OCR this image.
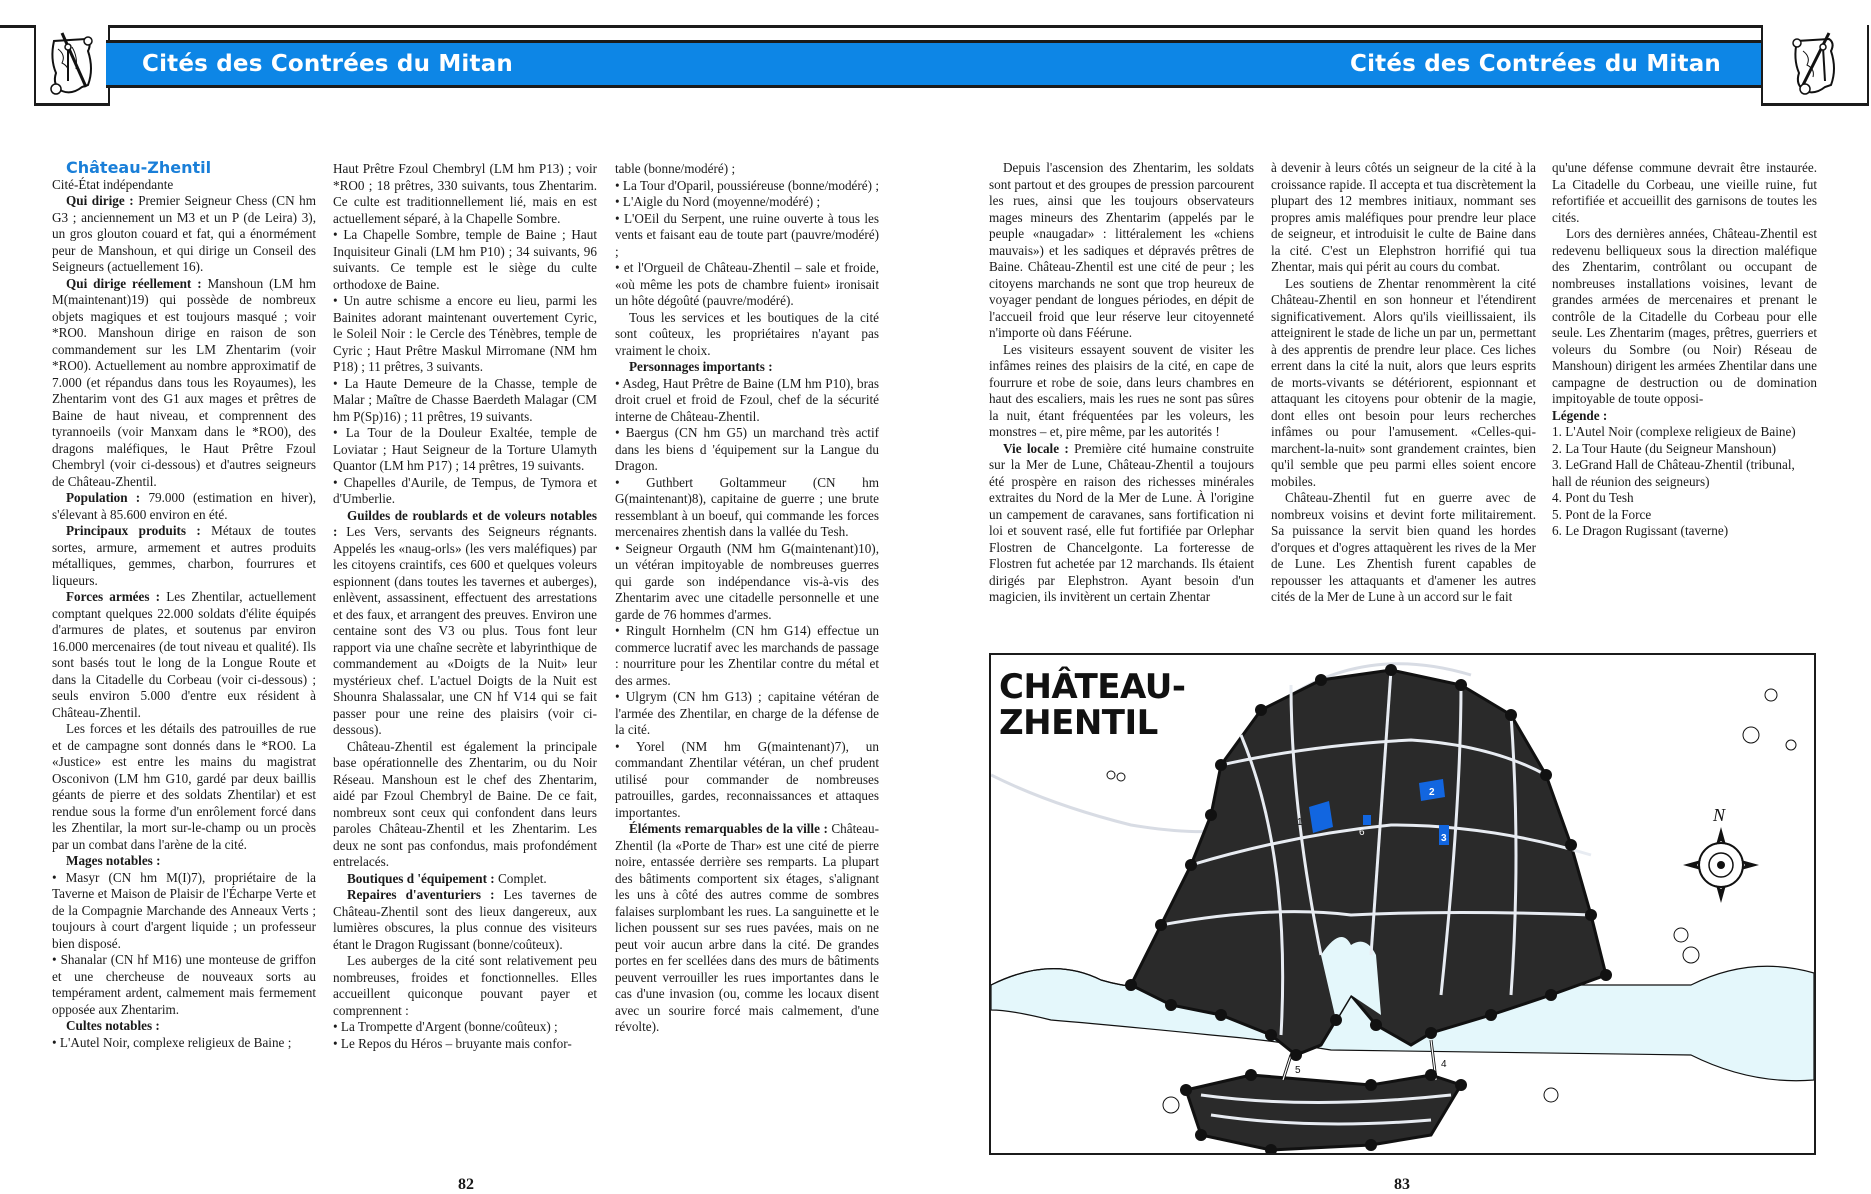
Cités des Contrées du Mitan

Château-Zhentil

Cité-État indépendante

Qui dirige : Premier Seigneur Chess (CN hm G3 ; anciennement un M3 et un P (de Leira) 3), un gros glouton couard et fat, qui a énormément peur de Manshoun, et qui dirige un Conseil des Seigneurs (actuellement 16).

Qui dirige réellement : Manshoun (LM hm M(maintenant)19) qui possède de nombreux objets magiques et est toujours masqué ; voir *RO0. Manshoun dirige en raison de son commandement sur les LM Zhentarim (voir *RO0). Actuellement au nombre approximatif de 7.000 (et répandus dans tous les Royaumes), les Zhentarim vont des G1 aux mages et prêtres de Baine de haut niveau, et comprennent des tyrannoeils (voir Manxam dans le *RO0), des dragons maléfiques, le Haut Prêtre Fzoul Chembryl (voir ci-dessous) et d'autres seigneurs de Château-Zhentil.

Population : 79.000 (estimation en hiver), s'élevant à 85.600 environ en été.

Principaux produits : Métaux de toutes sortes, armure, armement et autres produits métalliques, gemmes, charbon, fourrures et liqueurs.

Forces armées : Les Zhentilar, actuellement comptant quelques 22.000 soldats d'élite équipés d'armures de plates, et soutenus par environ 16.000 mercenaires (de tout niveau et qualité). Ils sont basés tout le long de la Longue Route et dans la Citadelle du Corbeau (voir ci-dessous) ; seuls environ 5.000 d'entre eux résident à Château-Zhentil.

Les forces et les détails des patrouilles de rue et de campagne sont donnés dans le *RO0. La «Justice» est entre les mains du magistrat Osconivon (LM hm G10, gardé par deux baillis géants de pierre et des soldats Zhentilar) et est rendue sous la forme d'un enrôlement forcé dans les Zhentilar, la mort sur-le-champ ou un procès par un combat dans l'arène de la cité.

Mages notables :

• Masyr (CN hm M(I)7), propriétaire de la Taverne et Maison de Plaisir de l'Écharpe Verte et de la Compagnie Marchande des Anneaux Verts ; toujours à court d'argent liquide ; un professeur bien disposé.

• Shanalar (CN hf M16) une monteuse de griffon et une chercheuse de nouveaux sorts au tempérament ardent, calmement mais fermement opposée aux Zhentarim.

Cultes notables :

• L'Autel Noir, complexe religieux de Baine ;

Haut Prêtre Fzoul Chembryl (LM hm P13) ; voir *RO0 ; 18 prêtres, 330 suivants, tous Zhentarim. Ce culte est traditionnellement lié, mais en est actuellement séparé, à la Chapelle Sombre.

• La Chapelle Sombre, temple de Baine ; Haut Inquisiteur Ginali (LM hm P10) ; 34 suivants, 96 suivants. Ce temple est le siège du culte orthodoxe de Baine.

• Un autre schisme a encore eu lieu, parmi les Bainites adorant maintenant ouvertement Cyric, le Soleil Noir : le Cercle des Ténèbres, temple de Cyric ; Haut Prêtre Maskul Mirromane (NM hm P18) ; 11 prêtres, 3 suivants.

• La Haute Demeure de la Chasse, temple de Malar ; Maître de Chasse Baerdeth Malagar (CM hm P(Sp)16) ; 11 prêtres, 19 suivants.

• La Tour de la Douleur Exaltée, temple de Loviatar ; Haut Seigneur de la Torture Ulamyth Quantor (LM hm P17) ; 14 prêtres, 19 suivants.

• Chapelles d'Aurile, de Tempus, de Tymora et d'Umberlie.

Guildes de roublards et de voleurs notables : Les Vers, servants des Seigneurs régnants. Appelés les «naug-orls» (les vers maléfiques) par les citoyens craintifs, ces 600 et quelques voleurs espionnent (dans toutes les tavernes et auberges), enlèvent, assassinent, effectuent des arrestations et des faux, et arrangent des preuves. Environ une centaine sont des V3 ou plus. Tous font leur rapport via une chaîne secrète et labyrinthique de commandement au «Doigts de la Nuit» leur mystérieux chef. L'actuel Doigts de la Nuit est Shounra Shalassalar, une CN hf V14 qui se fait passer pour une reine des plaisirs (voir ci-dessous).

Château-Zhentil est également la principale base opérationnelle des Zhentarim, ou du Noir Réseau. Manshoun est le chef des Zhentarim, aidé par Fzoul Chembryl de Baine. De ce fait, nombreux sont ceux qui confondent dans leurs paroles Château-Zhentil et les Zhentarim. Les deux ne sont pas confondus, mais profondément entrelacés.

Boutiques d 'équipement : Complet.

Repaires d'aventuriers : Les tavernes de Château-Zhentil sont des lieux dangereux, aux lumières obscures, la plus connue des visiteurs étant le Dragon Rugissant (bonne/coûteux).

Les auberges de la cité sont relativement peu nombreuses, froides et fonctionnelles. Elles accueillent quiconque pouvant payer et comprennent :

• La Trompette d'Argent (bonne/coûteux) ;

• Le Repos du Héros – bruyante mais confor-

table (bonne/modéré) ;

• La Tour d'Oparil, poussiéreuse (bonne/modéré) ;

• L'Aigle du Nord (moyenne/modéré) ;

• L'OEil du Serpent, une ruine ouverte à tous les vents et faisant eau de toute part (pauvre/modéré) ;

• et l'Orgueil de Château-Zhentil – sale et froide, «où même les pots de chambre fuient» ironisait un hôte dégoûté (pauvre/modéré).

Tous les services et les boutiques de la cité sont coûteux, les propriétaires n'ayant pas vraiment le choix.

Personnages importants :

• Asdeg, Haut Prêtre de Baine (LM hm P10), bras droit cruel et froid de Fzoul, chef de la sécurité interne de Château-Zhentil.

• Baergus (CN hm G5) un marchand très actif dans les biens d 'équipement sur la Langue du Dragon.

• Guthbert Goltammeur (CN hm G(maintenant)8), capitaine de guerre ; une brute ressemblant à un boeuf, qui commande les forces mercenaires zhentish dans la vallée du Tesh.

• Seigneur Orgauth (NM hm G(maintenant)10), un vétéran impitoyable de nombreuses guerres qui garde son indépendance vis-à-vis des Zhentarim avec une citadelle personnelle et une garde de 76 hommes d'armes.

• Ringult Hornhelm (CN hm G14) effectue un commerce lucratif avec les marchands de passage : nourriture pour les Zhentilar contre du métal et des armes.

• Ulgrym (CN hm G13) ; capitaine vétéran de l'armée des Zhentilar, en charge de la défense de la cité.

• Yorel (NM hm G(maintenant)7), un commandant Zhentilar vétéran, un chef prudent utilisé pour commander de nombreuses patrouilles, gardes, reconnaissances et attaques importantes.

Éléments remarquables de la ville : Château-Zhentil (la «Porte de Thar» est une cité de pierre noire, entassée derrière ses remparts. La plupart des bâtiments comportent six étages, s'alignant les uns à côté des autres comme de sombres falaises surplombant les rues. La sanguinette et le lichen poussent sur ses rues pavées, mais on ne peut voir aucun arbre dans la cité. De grandes portes en fer scellées dans des murs de bâtiments peuvent verrouiller les rues importantes dans le cas d'une invasion (ou, comme les locaux disent avec un sourire forcé mais calmement, d'une révolte).

82
Cités des Contrées du Mitan

Depuis l'ascension des Zhentarim, les soldats sont partout et des groupes de pression parcourent les rues, ainsi que les toujours observateurs mages mineurs des Zhentarim (appelés par le peuple «naugadar» : littéralement les «chiens mauvais») et les sadiques et dépravés prêtres de Baine. Château-Zhentil est une cité de peur ; les citoyens marchands ne sont que trop heureux de voyager pendant de longues périodes, en dépit de l'accueil froid que leur réserve leur citoyenneté n'importe où dans Féérune.

Les visiteurs essayent souvent de visiter les infâmes reines des plaisirs de la cité, en cape de fourrure et robe de soie, dans leurs chambres en haut des escaliers, mais les rues ne sont pas sûres la nuit, étant fréquentées par les voleurs, les monstres – et, pire même, par les autorités !

Vie locale : Première cité humaine construite sur la Mer de Lune, Château-Zhentil a toujours été prospère en raison des richesses minérales extraites du Nord de la Mer de Lune. À l'origine un campement de caravanes, sans fortification ni loi et souvent rasé, elle fut fortifiée par Orlephar Flostren de Chancelgonte. La forteresse de Flostren fut achetée par 12 marchands. Ils étaient dirigés par Elephstron. Ayant besoin d'un magicien, ils invitèrent un certain Zhentar

à devenir à leurs côtés un seigneur de la cité à la croissance rapide. Il accepta et tua discrètement la plupart des 12 membres initiaux, nommant ses propres amis maléfiques pour prendre leur place de seigneur, et introduisit le culte de Baine dans la cité. C'est un Elephstron horrifié qui tua Zhentar, mais qui périt au cours du combat.

Les soutiens de Zhentar renommèrent la cité Château-Zhentil en son honneur et l'étendirent significativement. Alors qu'ils vieillissaient, ils atteignirent le stade de liche un par un, permettant à des apprentis de prendre leur place. Ces liches errent dans la cité la nuit, alors que leurs esprits de morts-vivants se détériorent, espionnant et attaquant les citoyens pour obtenir de la magie, dont elles ont besoin pour leurs recherches infâmes ou pour l'amusement. «Celles-qui-marchent-la-nuit» sont grandement craintes, bien qu'il semble que peu parmi elles soient encore mobiles.

Château-Zhentil fut en guerre avec de nombreux voisins et devint forte militairement. Sa puissance la servit bien quand les hordes d'orques et d'ogres attaquèrent les rives de la Mer de Lune. Les Zhentish furent capables de repousser les attaquants et d'amener les autres cités de la Mer de Lune à un accord sur le fait

qu'une défense commune devrait être instaurée. La Citadelle du Corbeau, une vieille ruine, fut refortifiée et accueillit des garnisons de toutes les cités.

Lors des dernières années, Château-Zhentil est redevenu belliqueux sous la direction maléfique des Zhentarim, contrôlant ou occupant de nombreuses installations voisines, levant de grandes armées de mercenaires et prenant le contrôle de la Citadelle du Corbeau pour elle seule. Les Zhentarim (mages, prêtres, guerriers et voleurs du Sombre (ou Noir) Réseau de Manshoun) dirigent les armées Zhentilar dans une campagne de destruction ou de domination impitoyable de toute opposi-

Légende :

1. L'Autel Noir (complexe religieux de Baine)

2. La Tour Haute (du Seigneur Manshoun)

3. LeGrand Hall de Château-Zhentil (tribunal, hall de réunion des seigneurs)

4. Pont du Tesh

5. Pont de la Force

6. Le Dragon Rugissant (taverne)

2
3
1
6
5
4
N
CHÂTEAU-
ZHENTIL
83
